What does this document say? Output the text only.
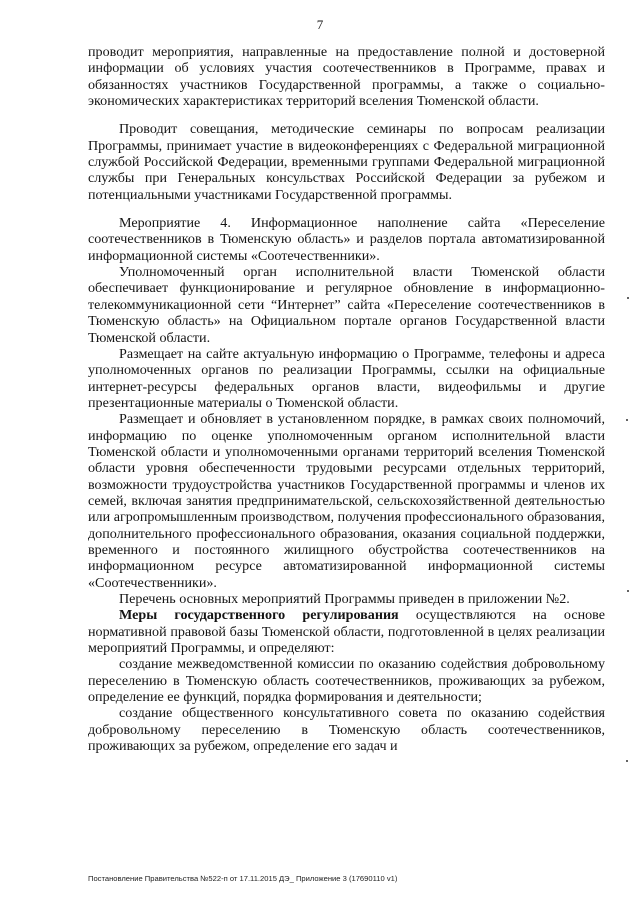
7

проводит мероприятия, направленные на предоставление полной и достоверной информации об условиях участия соотечественников в Программе, правах и обязанностях участников Государственной программы, а также о социально-экономических характеристиках территорий вселения Тюменской области.

Проводит совещания, методические семинары по вопросам реализации Программы, принимает участие в видеоконференциях с Федеральной миграционной службой Российской Федерации, временными группами Федеральной миграционной службы при Генеральных консульствах Российской Федерации за рубежом и потенциальными участниками Государственной программы.

Мероприятие 4. Информационное наполнение сайта «Переселение соотечественников в Тюменскую область» и разделов портала автоматизированной информационной системы «Соотечественники».

Уполномоченный орган исполнительной власти Тюменской области обеспечивает функционирование и регулярное обновление в информационно-телекоммуникационной сети “Интернет” сайта «Переселение соотечественников в Тюменскую область» на Официальном портале органов Государственной власти Тюменской области.

Размещает на сайте актуальную информацию о Программе, телефоны и адреса уполномоченных органов по реализации Программы, ссылки на официальные интернет-ресурсы федеральных органов власти, видеофильмы и другие презентационные материалы о Тюменской области.

Размещает и обновляет в установленном порядке, в рамках своих полномочий, информацию по оценке уполномоченным органом исполнительной власти Тюменской области и уполномоченными органами территорий вселения Тюменской области уровня обеспеченности трудовыми ресурсами отдельных территорий, возможности трудоустройства участников Государственной программы и членов их семей, включая занятия предпринимательской, сельскохозяйственной деятельностью или агропромышленным производством, получения профессионального образования, дополнительного профессионального образования, оказания социальной поддержки, временного и постоянного жилищного обустройства соотечественников на информационном ресурсе автоматизированной информационной системы «Соотечественники».

Перечень основных мероприятий Программы приведен в приложении №2.

Меры государственного регулирования осуществляются на основе нормативной правовой базы Тюменской области, подготовленной в целях реализации мероприятий Программы, и определяют:

создание межведомственной комиссии по оказанию содействия добровольному переселению в Тюменскую область соотечественников, проживающих за рубежом, определение ее функций, порядка формирования и деятельности;

создание общественного консультативного совета по оказанию содействия добровольному переселению в Тюменскую область соотечественников, проживающих за рубежом, определение его задач и

Постановление Правительства №522-п от 17.11.2015 ДЭ_ Приложение 3 (17690110 v1)
